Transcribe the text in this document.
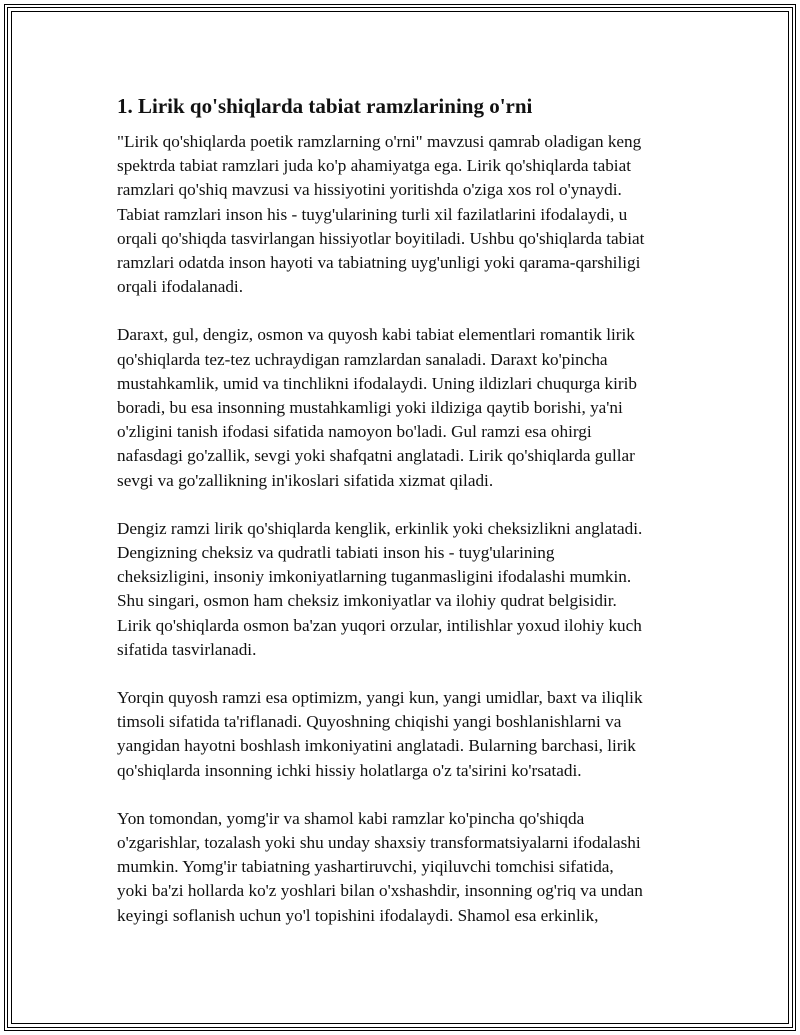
1. Lirik qo'shiqlarda tabiat ramzlarining o'rni

"Lirik qo'shiqlarda poetik ramzlarning o'rni" mavzusi qamrab oladigan keng
spektrda tabiat ramzlari juda ko'p ahamiyatga ega. Lirik qo'shiqlarda tabiat
ramzlari qo'shiq mavzusi va hissiyotini yoritishda o'ziga xos rol o'ynaydi.
Tabiat ramzlari inson his - tuyg'ularining turli xil fazilatlarini ifodalaydi, u
orqali qo'shiqda tasvirlangan hissiyotlar boyitiladi. Ushbu qo'shiqlarda tabiat
ramzlari odatda inson hayoti va tabiatning uyg'unligi yoki qarama-qarshiligi
orqali ifodalanadi.

Daraxt, gul, dengiz, osmon va quyosh kabi tabiat elementlari romantik lirik
qo'shiqlarda tez-tez uchraydigan ramzlardan sanaladi. Daraxt ko'pincha
mustahkamlik, umid va tinchlikni ifodalaydi. Uning ildizlari chuqurga kirib
boradi, bu esa insonning mustahkamligi yoki ildiziga qaytib borishi, ya'ni
o'zligini tanish ifodasi sifatida namoyon bo'ladi. Gul ramzi esa ohirgi
nafasdagi go'zallik, sevgi yoki shafqatni anglatadi. Lirik qo'shiqlarda gullar
sevgi va go'zallikning in'ikoslari sifatida xizmat qiladi.

Dengiz ramzi lirik qo'shiqlarda kenglik, erkinlik yoki cheksizlikni anglatadi.
Dengizning cheksiz va qudratli tabiati inson his - tuyg'ularining
cheksizligini, insoniy imkoniyatlarning tuganmasligini ifodalashi mumkin.
Shu singari, osmon ham cheksiz imkoniyatlar va ilohiy qudrat belgisidir.
Lirik qo'shiqlarda osmon ba'zan yuqori orzular, intilishlar yoxud ilohiy kuch
sifatida tasvirlanadi.

Yorqin quyosh ramzi esa optimizm, yangi kun, yangi umidlar, baxt va iliqlik
timsoli sifatida ta'riflanadi. Quyoshning chiqishi yangi boshlanishlarni va
yangidan hayotni boshlash imkoniyatini anglatadi. Bularning barchasi, lirik
qo'shiqlarda insonning ichki hissiy holatlarga o'z ta'sirini ko'rsatadi.

Yon tomondan, yomg'ir va shamol kabi ramzlar ko'pincha qo'shiqda
o'zgarishlar, tozalash yoki shu unday shaxsiy transformatsiyalarni ifodalashi
mumkin. Yomg'ir tabiatning yashartiruvchi, yiqiluvchi tomchisi sifatida,
yoki ba'zi hollarda ko'z yoshlari bilan o'xshashdir, insonning og'riq va undan
keyingi soflanish uchun yo'l topishini ifodalaydi. Shamol esa erkinlik,
